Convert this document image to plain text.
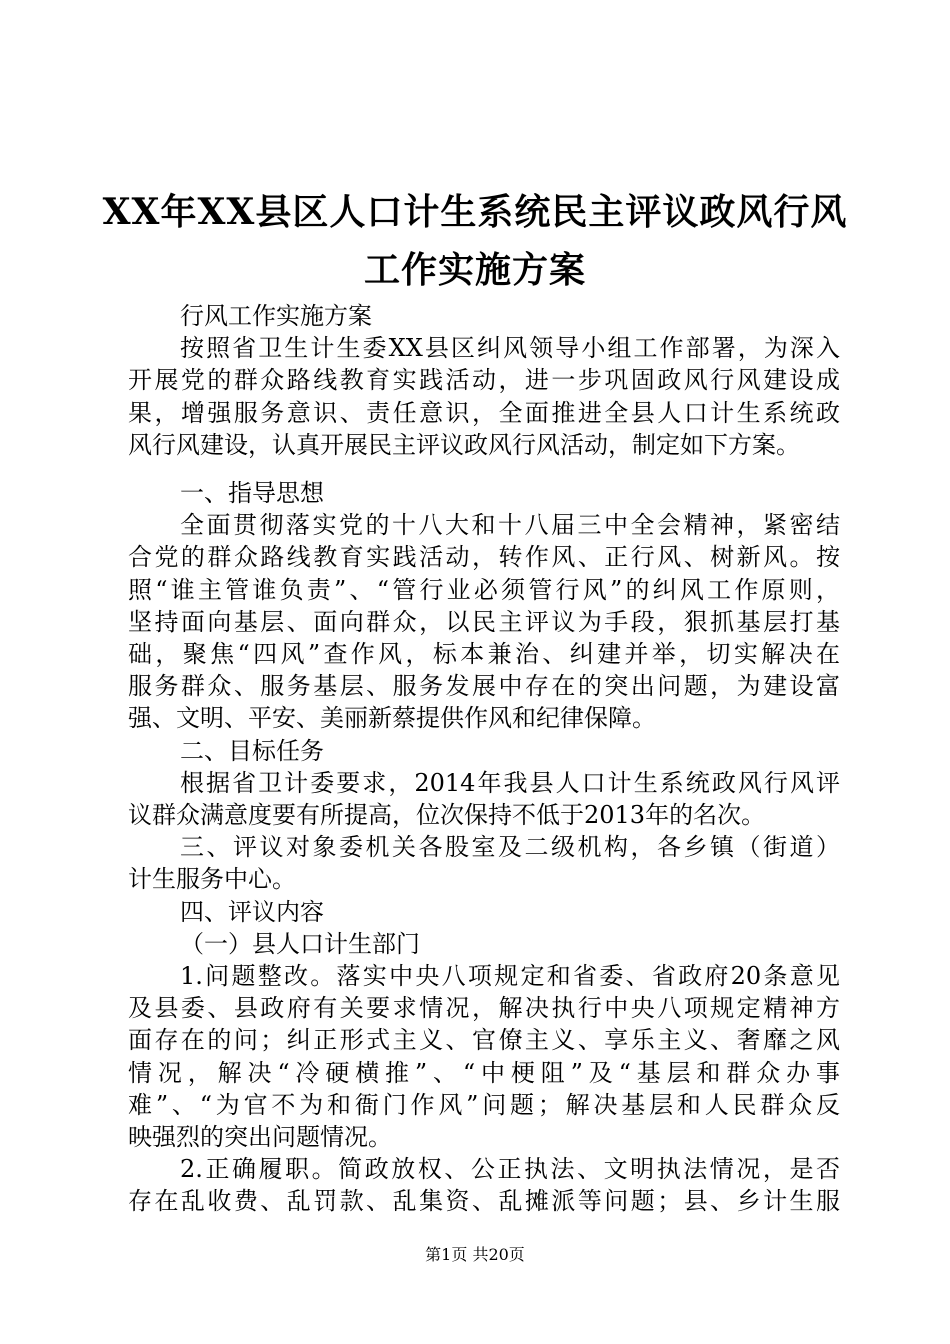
XX年XX县区人口计生系统民主评议政风行风
工作实施方案
行风工作实施方案
按照省卫生计生委XX县区纠风领导小组工作部署，为深入
开展党的群众路线教育实践活动，进一步巩固政风行风建设成
果，增强服务意识、责任意识，全面推进全县人口计生系统政
风行风建设，认真开展民主评议政风行风活动，制定如下方案。
一、指导思想
全面贯彻落实党的十八大和十八届三中全会精神，紧密结
合党的群众路线教育实践活动，转作风、正行风、树新风。按
照“谁主管谁负责”、“管行业必须管行风”的纠风工作原则，
坚持面向基层、面向群众，以民主评议为手段，狠抓基层打基
础，聚焦“四风”查作风，标本兼治、纠建并举，切实解决在
服务群众、服务基层、服务发展中存在的突出问题，为建设富
强、文明、平安、美丽新蔡提供作风和纪律保障。
二、目标任务
根据省卫计委要求，2014年我县人口计生系统政风行风评
议群众满意度要有所提高，位次保持不低于2013年的名次。
三、评议对象委机关各股室及二级机构，各乡镇（街道）
计生服务中心。
四、评议内容
（一）县人口计生部门
1.问题整改。落实中央八项规定和省委、省政府20条意见
及县委、县政府有关要求情况，解决执行中央八项规定精神方
面存在的问；纠正形式主义、官僚主义、享乐主义、奢靡之风
情况，解决“冷硬横推”、“中梗阻”及“基层和群众办事
难”、“为官不为和衙门作风”问题；解决基层和人民群众反
映强烈的突出问题情况。
2.正确履职。简政放权、公正执法、文明执法情况，是否
第1页 共20页
存在乱收费、乱罚款、乱集资、乱摊派等问题；县、乡计生服
